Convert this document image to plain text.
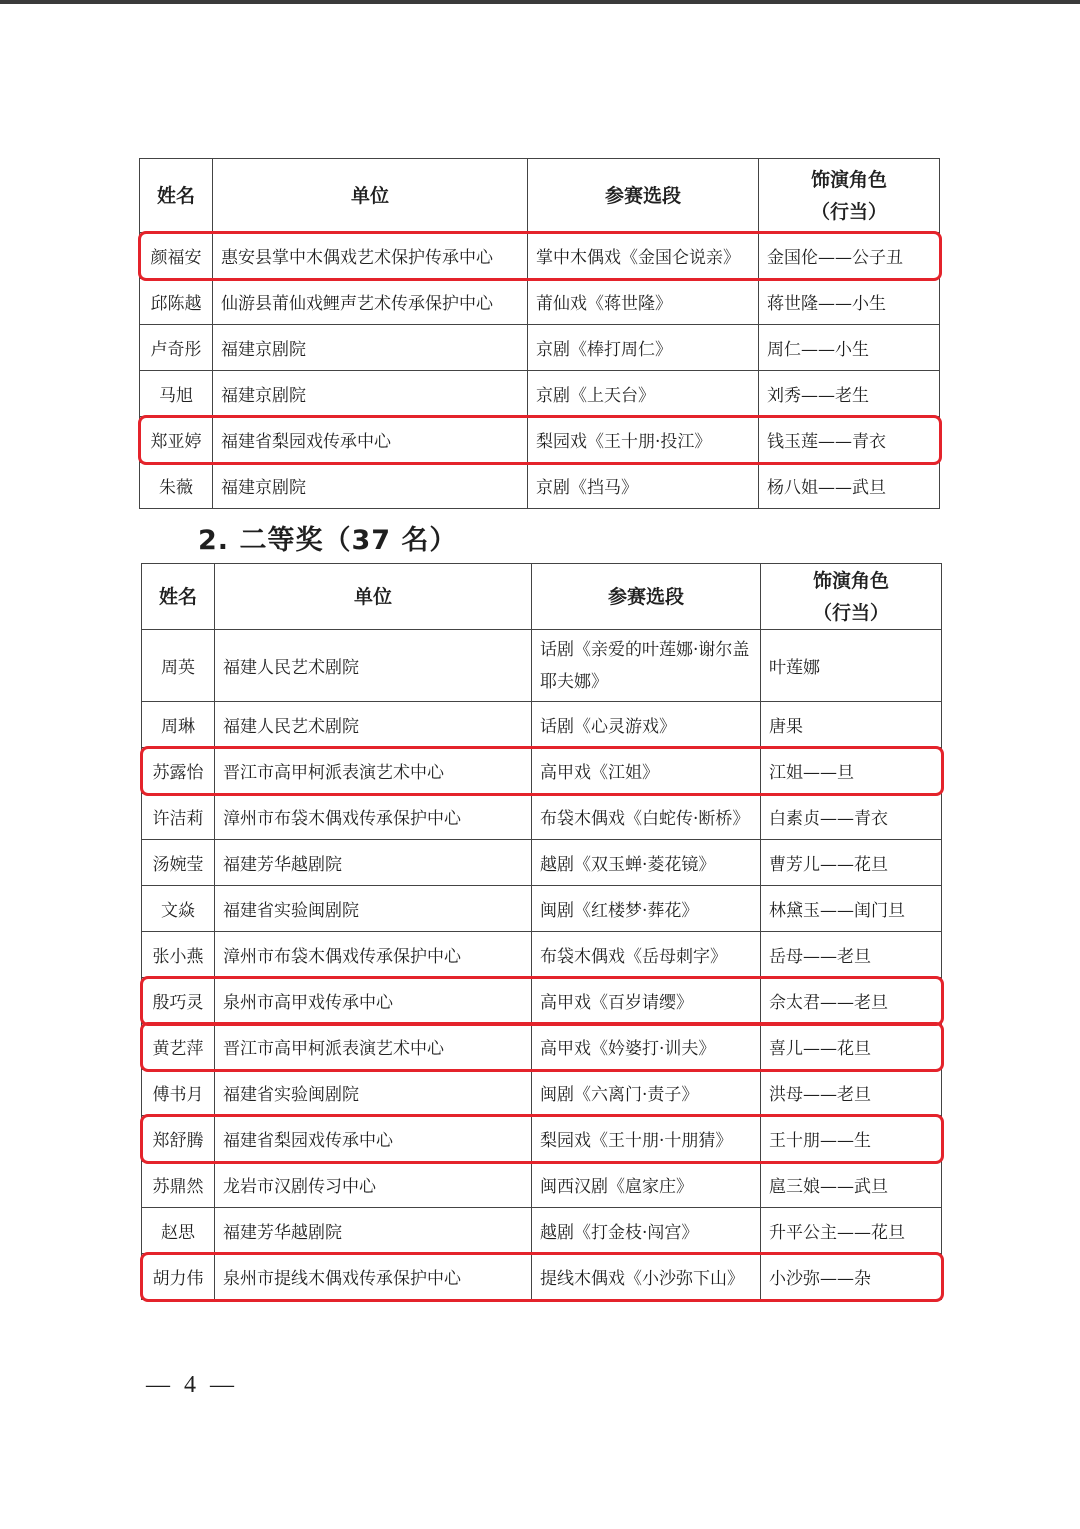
姓名	单位	参赛选段	饰演角色
（行当）

颜福安	惠安县掌中木偶戏艺术保护传承中心	掌中木偶戏《金国仑说亲》	金国伦——公子丑
邱陈越	仙游县莆仙戏鲤声艺术传承保护中心	莆仙戏《蒋世隆》	蒋世隆——小生
卢奇彤	福建京剧院	京剧《棒打周仁》	周仁——小生
马旭	福建京剧院	京剧《上天台》	刘秀——老生
郑亚婷	福建省梨园戏传承中心	梨园戏《王十朋·投江》	钱玉莲——青衣
朱薇	福建京剧院	京剧《挡马》	杨八姐——武旦
2. 二等奖（37 名）
姓名	单位	参赛选段	饰演角色
（行当）

周英	福建人民艺术剧院	话剧《亲爱的叶莲娜·谢尔盖耶夫娜》	叶莲娜
周琳	福建人民艺术剧院	话剧《心灵游戏》	唐果
苏露怡	晋江市高甲柯派表演艺术中心	高甲戏《江姐》	江姐——旦
许洁莉	漳州市布袋木偶戏传承保护中心	布袋木偶戏《白蛇传·断桥》	白素贞——青衣
汤婉莹	福建芳华越剧院	越剧《双玉蝉·菱花镜》	曹芳儿——花旦
文焱	福建省实验闽剧院	闽剧《红楼梦·葬花》	林黛玉——闺门旦
张小燕	漳州市布袋木偶戏传承保护中心	布袋木偶戏《岳母刺字》	岳母——老旦
殷巧灵	泉州市高甲戏传承中心	高甲戏《百岁请缨》	佘太君——老旦
黄艺萍	晋江市高甲柯派表演艺术中心	高甲戏《妗婆打·训夫》	喜儿——花旦
傅书月	福建省实验闽剧院	闽剧《六离门·责子》	洪母——老旦
郑舒腾	福建省梨园戏传承中心	梨园戏《王十朋·十朋猜》	王十朋——生
苏鼎然	龙岩市汉剧传习中心	闽西汉剧《扈家庄》	扈三娘——武旦
赵思	福建芳华越剧院	越剧《打金枝·闯宫》	升平公主——花旦
胡力伟	泉州市提线木偶戏传承保护中心	提线木偶戏《小沙弥下山》	小沙弥——杂
— 4 —
